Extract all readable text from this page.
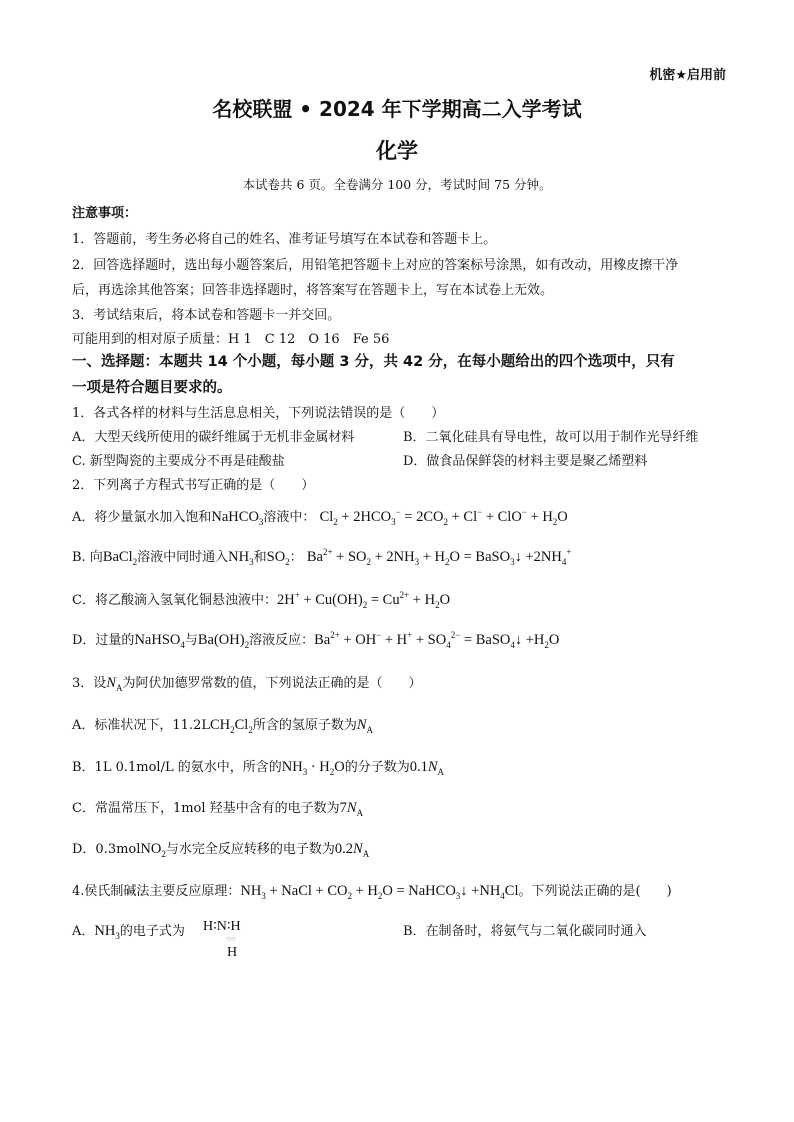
机密★启用前
名校联盟 • 2024 年下学期高二入学考试
化学
本试卷共 6 页。全卷满分 100 分，考试时间 75 分钟。
注意事项：
1．答题前，考生务必将自己的姓名、准考证号填写在本试卷和答题卡上。
2．回答选择题时，选出每小题答案后，用铅笔把答题卡上对应的答案标号涂黑，如有改动，用橡皮擦干净
后，再选涂其他答案；回答非选择题时，将答案写在答题卡上，写在本试卷上无效。
3．考试结束后，将本试卷和答题卡一并交回。
可能用到的相对原子质量：H 1　C 12　O 16　Fe 56
一、选择题：本题共 14 个小题，每小题 3 分，共 42 分，在每小题给出的四个选项中，只有
一项是符合题目要求的。
1．各式各样的材料与生活息息相关，下列说法错误的是（　　）
A．大型天线所使用的碳纤维属于无机非金属材料	B．二氧化硅具有导电性，故可以用于制作光导纤维
C. 新型陶瓷的主要成分不再是硅酸盐	D．做食品保鲜袋的材料主要是聚乙烯塑料
2．下列离子方程式书写正确的是（　　）
A．将少量氯水加入饱和NaHCO$_3$溶液中： $Cl_2 + 2HCO_3^- = 2CO_2 + Cl^- + ClO^- + H_2O$
B. 向BaCl$_2$溶液中同时通入$NH_3$和$SO_2$： $Ba^{2+} + SO_2 + 2NH_3 + H_2O$ = BaSO$_3$↓ $+2NH_4^+$
C．将乙酸滴入氢氧化铜悬浊液中：$2H^+ + Cu(OH)_2 = Cu^{2+} + H_2O$
D．过量的NaHSO$_4$与$Ba(OH)_2$溶液反应：$Ba^{2+} + OH^- + H^+ + SO_4^{2-}$ = BaSO$_4$↓ $+H_2O$
3．设$N_A$为阿伏加德罗常数的值，下列说法正确的是（　　）
A．标准状况下，$11.2LCH_2Cl_2$所含的氢原子数为$N_A$
B．1L 0.1mol/L 的氨水中，所含的$NH_3 \cdot H_2O$的分子数为$0.1N_A$
C．常温常压下，1mol 羟基中含有的电子数为$7N_A$
D．0.3molNO$_2$与水完全反应转移的电子数为$0.2N_A$
4.侯氏制碱法主要反应原理：$NH_3$ + NaCl + $CO_2 + H_2O$ = NaHCO$_3$↓ $+NH_4Cl$。下列说法正确的是(　　)
A．$NH_3$的电子式为 H∶N∶H
○○
H
B．在制备时，将氨气与二氧化碳同时通入
